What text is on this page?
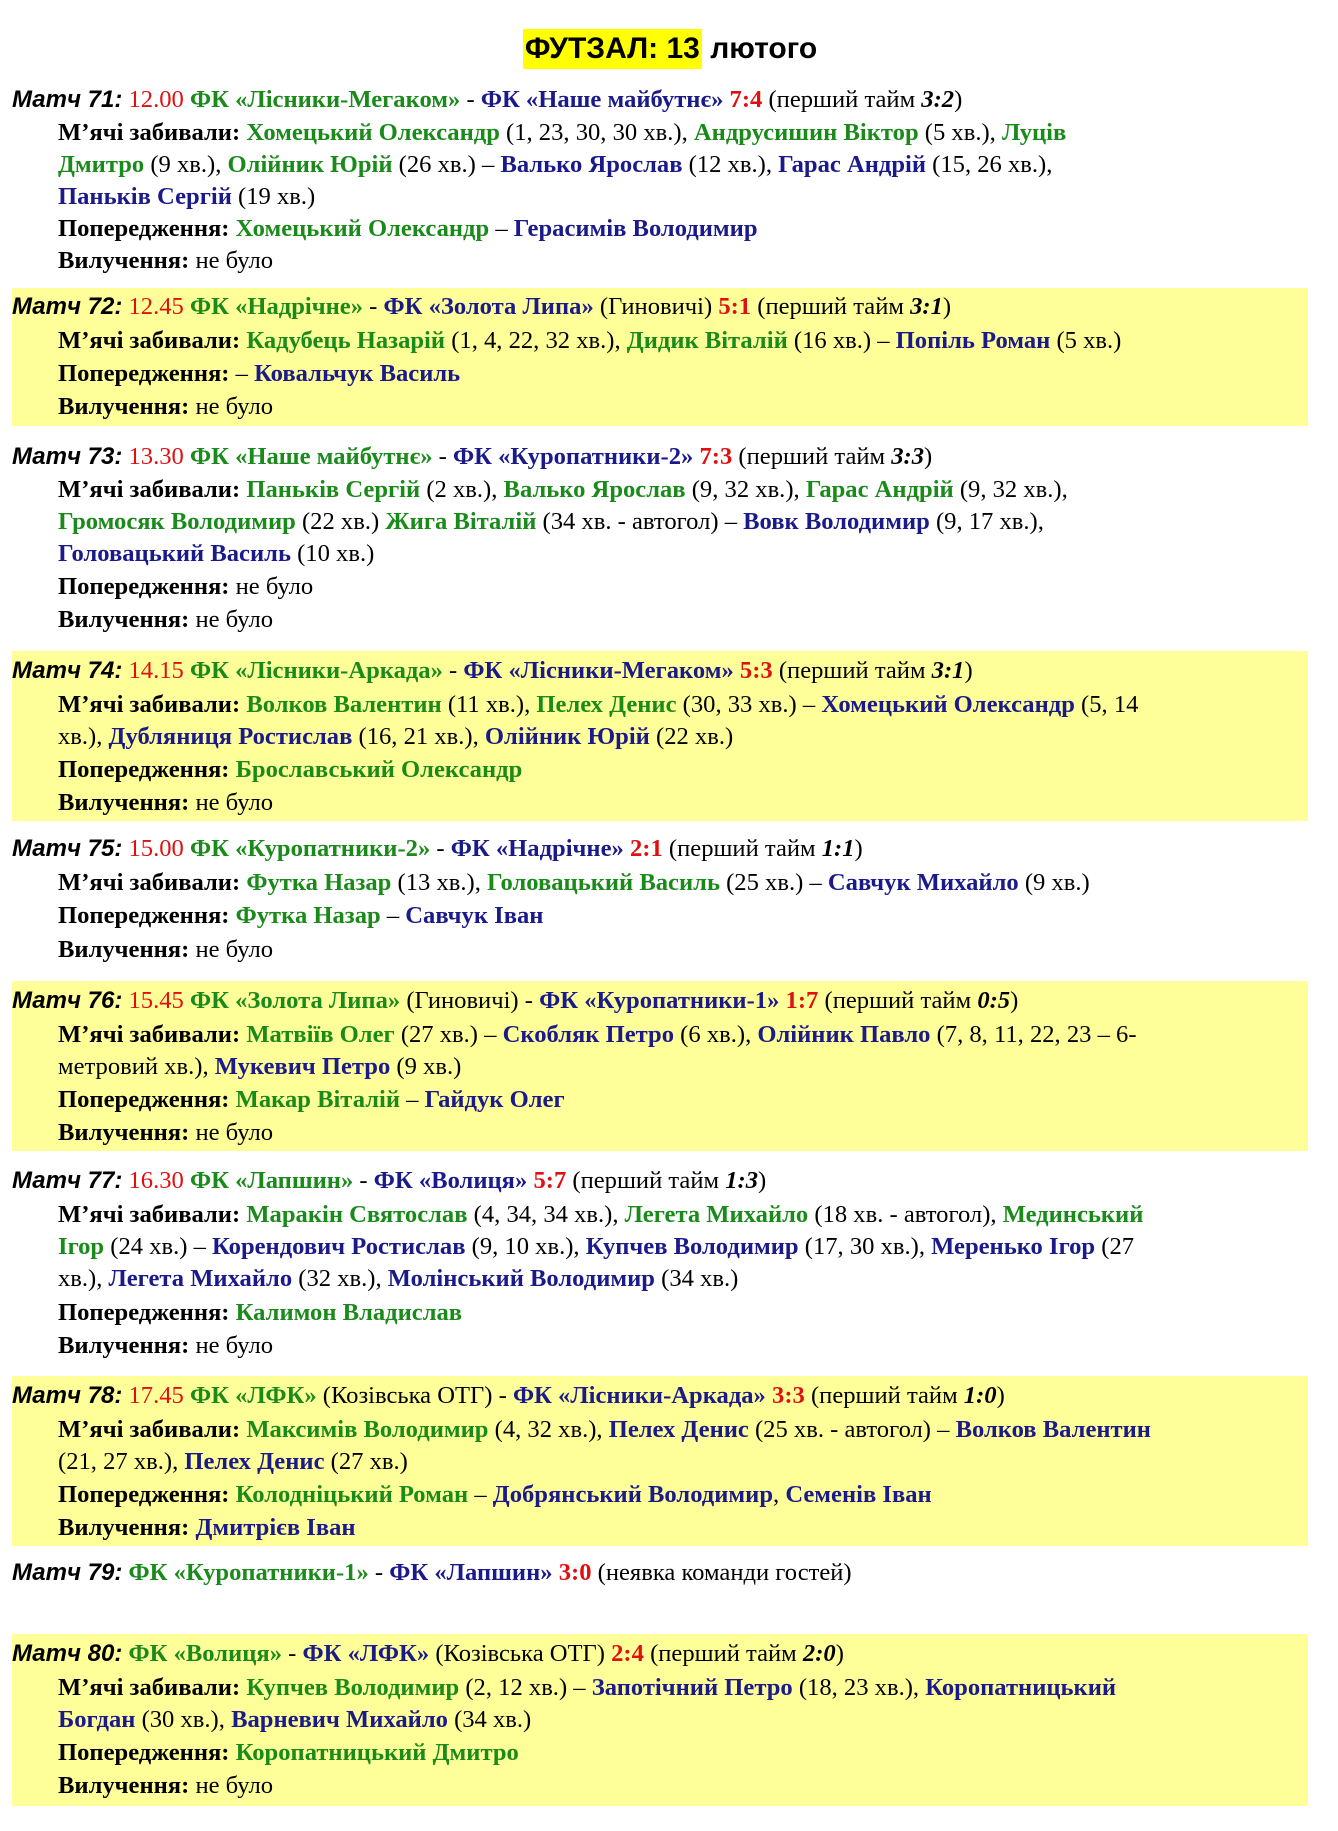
ФУТЗАЛ: 13 лютого
Матч 71: 12.00 ФК «Лісники-Мегаком» - ФК «Наше майбутнє» 7:4 (перший тайм 3:2)
М’ячі забивали: Хомецький Олександр (1, 23, 30, 30 хв.), Андрусишин Віктор (5 хв.), Луців
Дмитро (9 хв.), Олійник Юрій (26 хв.) – Валько Ярослав (12 хв.), Гарас Андрій (15, 26 хв.),
Паньків Сергій (19 хв.)
Попередження: Хомецький Олександр – Герасимів Володимир
Вилучення: не було
Матч 72: 12.45 ФК «Надрічне» - ФК «Золота Липа» (Гиновичі) 5:1 (перший тайм 3:1)
М’ячі забивали: Кадубець Назарій (1, 4, 22, 32 хв.), Дидик Віталій (16 хв.) – Попіль Роман (5 хв.)
Попередження: – Ковальчук Василь
Вилучення: не було
Матч 73: 13.30 ФК «Наше майбутнє» - ФК «Куропатники-2» 7:3 (перший тайм 3:3)
М’ячі забивали: Паньків Сергій (2 хв.), Валько Ярослав (9, 32 хв.), Гарас Андрій (9, 32 хв.),
Громосяк Володимир (22 хв.) Жига Віталій (34 хв. - автогол) – Вовк Володимир (9, 17 хв.),
Головацький Василь (10 хв.)
Попередження: не було
Вилучення: не було
Матч 74: 14.15 ФК «Лісники-Аркада» - ФК «Лісники-Мегаком» 5:3 (перший тайм 3:1)
М’ячі забивали: Волков Валентин (11 хв.), Пелех Денис (30, 33 хв.) – Хомецький Олександр (5, 14
хв.), Дубляниця Ростислав (16, 21 хв.), Олійник Юрій (22 хв.)
Попередження: Брославський Олександр
Вилучення: не було
Матч 75: 15.00 ФК «Куропатники-2» - ФК «Надрічне» 2:1 (перший тайм 1:1)
М’ячі забивали: Футка Назар (13 хв.), Головацький Василь (25 хв.) – Савчук Михайло (9 хв.)
Попередження: Футка Назар – Савчук Іван
Вилучення: не було
Матч 76: 15.45 ФК «Золота Липа» (Гиновичі) - ФК «Куропатники-1» 1:7 (перший тайм 0:5)
М’ячі забивали: Матвіїв Олег (27 хв.) – Скобляк Петро (6 хв.), Олійник Павло (7, 8, 11, 22, 23 – 6-
метровий хв.), Мукевич Петро (9 хв.)
Попередження: Макар Віталій – Гайдук Олег
Вилучення: не було
Матч 77: 16.30 ФК «Лапшин» - ФК «Волиця» 5:7 (перший тайм 1:3)
М’ячі забивали: Маракін Святослав (4, 34, 34 хв.), Легета Михайло (18 хв. - автогол), Мединський
Ігор (24 хв.) – Корендович Ростислав (9, 10 хв.), Купчев Володимир (17, 30 хв.), Меренько Ігор (27
хв.), Легета Михайло (32 хв.), Молінський Володимир (34 хв.)
Попередження: Калимон Владислав
Вилучення: не було
Матч 78: 17.45 ФК «ЛФК» (Козівська ОТГ) - ФК «Лісники-Аркада» 3:3 (перший тайм 1:0)
М’ячі забивали: Максимів Володимир (4, 32 хв.), Пелех Денис (25 хв. - автогол) – Волков Валентин
(21, 27 хв.), Пелех Денис (27 хв.)
Попередження: Колодніцький Роман – Добрянський Володимир, Семенів Іван
Вилучення: Дмитрієв Іван
Матч 79: ФК «Куропатники-1» - ФК «Лапшин» 3:0 (неявка команди гостей)
Матч 80: ФК «Волиця» - ФК «ЛФК» (Козівська ОТГ) 2:4 (перший тайм 2:0)
М’ячі забивали: Купчев Володимир (2, 12 хв.) – Запотічний Петро (18, 23 хв.), Коропатницький
Богдан (30 хв.), Варневич Михайло (34 хв.)
Попередження: Коропатницький Дмитро
Вилучення: не було
